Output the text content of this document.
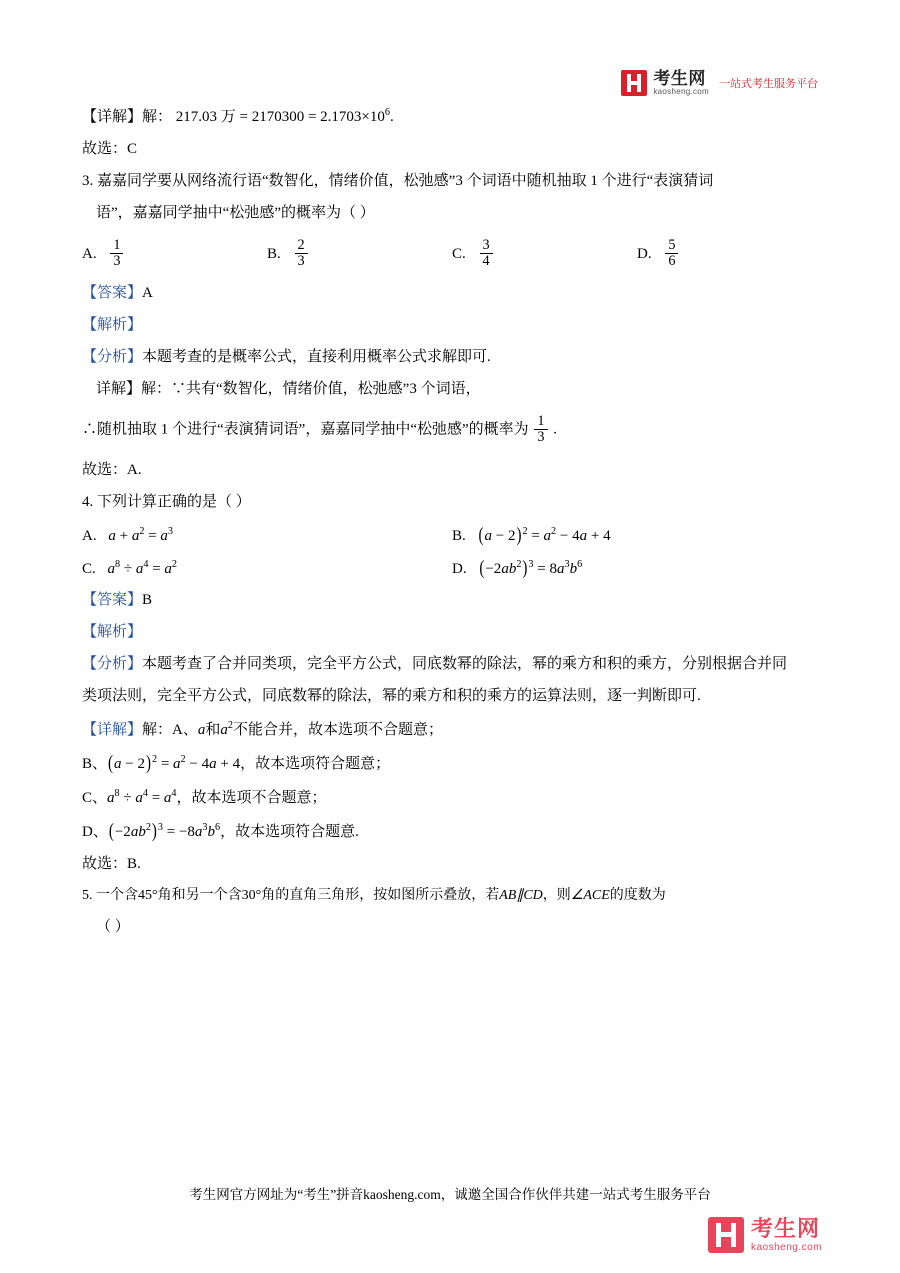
考生网
kaosheng.com
一站式考生服务平台

【详解】解： 217.03 万 = $2170300 = 2.1703\times 10^6$.

故选：C

3. 嘉嘉同学要从网络流行语“数智化，情绪价值，松弛感”3 个词语中随机抽取 1 个进行“表演猜词

语”，嘉嘉同学抽中“松弛感”的概率为（ ）

A. $\frac{1}{3}$	B. $\frac{2}{3}$	C. $\frac{3}{4}$	D. $\frac{5}{6}$

【答案】A

【解析】

【分析】本题考查的是概率公式，直接利用概率公式求解即可.

详解】解：∵共有“数智化，情绪价值，松弛感”3 个词语，

∴随机抽取 1 个进行“表演猜词语”，嘉嘉同学抽中“松弛感”的概率为 $\frac{1}{3}$ .

故选：A.

4. 下列计算正确的是（ ）

A. $a + a^2 = a^3$	B. $(a - 2)^2 = a^2 - 4a + 4$
C. $a^8 \div a^4 = a^2$	D. $(-2ab^2)^3 = 8a^3b^6$

【答案】B

【解析】

【分析】本题考查了合并同类项，完全平方公式，同底数幂的除法，幂的乘方和积的乘方，分别根据合并同

类项法则，完全平方公式，同底数幂的除法，幂的乘方和积的乘方的运算法则，逐一判断即可.

【详解】解：A、a和$a^2$不能合并，故本选项不合题意；

B、$(a - 2)^2 = a^2 - 4a + 4$，故本选项符合题意；

C、$a^8 \div a^4 = a^4$，故本选项不合题意；

D、$(-2ab^2)^3 = -8a^3b^6$，故本选项符合题意.

故选：B.

5. 一个含45°角和另一个含30°角的直角三角形，按如图所示叠放，若AB∥CD，则∠ACE的度数为

（ ）

考生网官方网址为“考生”拼音kaosheng.com，诚邀全国合作伙伴共建一站式考生服务平台
考生网
kaosheng.com
